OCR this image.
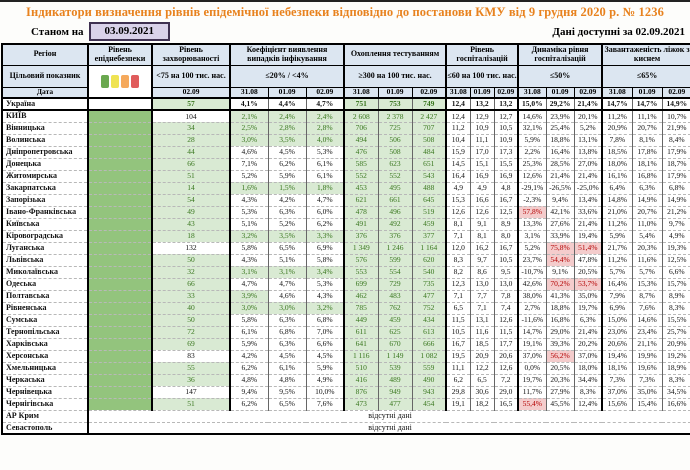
Індикатори визначення рівнів епідемічної небезпеки відповідно до постанови КМУ від 9 грудня 2020 р. № 1236
Станом на	03.09.2021	Дані доступні за 02.09.2021
Регіон	Рівень епіднебезпеки	Рівень захворюваності	Коефіцієнт виявлення випадків інфікування			Охоплення тестуванням			Рівень госпіталізацій			Динаміка рівня госпіталізацій			Завантаженість ліжок з киснем		
Цільовий показник		<75 на 100 тис. нас.	≤20% / <4%			≥300 на 100 тис. нас.			≤60 на 100 тис. нас.			≤50%			≤65%		
Дата		02.09	31.08	01.09	02.09	31.08	01.09	02.09	31.08	01.09	02.09	31.08	01.09	02.09	31.08	01.09	02.09
Україна		57	4,1%	4,4%	4,7%	751	753	749	12,4	13,2	13,2	15,0%	29,2%	21,4%	14,7%	14,7%	14,9%
КИЇВ		104	2,1%	2,4%	2,4%	2 608	2 378	2 427	12,4	12,9	12,7	14,6%	23,9%	20,1%	11,2%	11,1%	10,7%
Вінницька		34	2,5%	2,8%	2,8%	706	725	707	11,2	10,9	10,5	32,1%	25,4%	5,2%	20,9%	20,7%	21,9%
Волинська		28	3,0%	3,5%	4,0%	494	506	508	10,4	11,1	10,9	5,9%	18,8%	13,1%	7,8%	8,1%	8,4%
Дніпропетровська		44	4,6%	4,5%	5,3%	476	508	484	15,9	17,0	17,3	2,2%	16,4%	13,8%	18,5%	17,8%	17,9%
Донецька		66	7,1%	6,2%	6,1%	585	623	651	14,5	15,1	15,5	25,3%	28,5%	27,0%	18,0%	18,1%	18,7%
Житомирська		51	5,2%	5,9%	6,1%	552	552	543	16,4	16,9	16,9	12,6%	21,4%	21,4%	16,1%	16,8%	17,9%
Закарпатська		14	1,6%	1,5%	1,8%	453	495	488	4,9	4,9	4,8	-29,1%	-26,5%	-25,0%	6,4%	6,3%	6,8%
Запорізька		54	4,3%	4,2%	4,7%	621	661	645	15,3	16,6	16,7	-2,3%	9,4%	13,4%	14,8%	14,9%	14,9%
Івано-Франківська		49	5,3%	6,3%	6,0%	478	496	519	12,6	12,6	12,5	57,8%	42,1%	33,6%	21,0%	20,7%	21,2%
Київська		43	5,1%	5,2%	6,2%	491	492	459	8,1	9,1	8,9	13,3%	27,6%	21,4%	11,2%	11,0%	9,7%
Кіровоградська		18	3,2%	3,5%	3,3%	376	376	377	7,1	8,1	8,0	3,1%	33,9%	19,4%	5,9%	5,4%	4,9%
Луганська		132	5,8%	6,5%	6,9%	1 349	1 246	1 164	12,0	16,2	16,7	5,2%	75,8%	51,4%	21,7%	20,3%	19,3%
Львівська		50	4,3%	5,1%	5,8%	576	599	620	8,3	9,7	10,5	23,7%	54,4%	47,8%	11,2%	11,6%	12,5%
Миколаївська		32	3,1%	3,1%	3,4%	553	554	540	8,2	8,6	9,5	-10,7%	9,1%	20,5%	5,7%	5,7%	6,6%
Одеська		66	4,7%	4,7%	5,3%	699	729	735	12,3	13,0	13,0	42,6%	70,2%	53,7%	16,4%	15,3%	15,7%
Полтавська		33	3,9%	4,6%	4,3%	462	483	477	7,1	7,7	7,8	38,0%	41,3%	35,0%	7,9%	8,7%	8,9%
Рівненська		40	3,0%	3,0%	3,2%	785	762	752	6,5	7,1	7,4	2,7%	18,8%	19,7%	6,9%	7,6%	8,3%
Сумська		50	5,8%	6,3%	6,8%	449	459	434	11,5	13,1	12,6	-11,6%	16,8%	6,3%	15,0%	14,6%	15,5%
Тернопільська		72	6,1%	6,8%	7,0%	611	625	613	10,5	11,6	11,5	14,7%	29,0%	21,4%	23,0%	23,4%	25,7%
Харківська		69	5,9%	6,3%	6,6%	641	670	666	16,7	18,5	17,7	19,1%	39,3%	20,2%	20,6%	21,1%	20,9%
Херсонська		83	4,2%	4,5%	4,5%	1 116	1 149	1 082	19,5	20,9	20,6	37,0%	56,2%	37,0%	19,4%	19,9%	19,2%
Хмельницька		55	6,2%	6,1%	5,9%	510	539	559	11,1	12,2	12,6	0,0%	20,5%	18,0%	18,1%	19,6%	18,9%
Черкаська		36	4,8%	4,8%	4,9%	416	489	490	6,2	6,5	7,2	19,7%	20,3%	34,4%	7,3%	7,3%	8,3%
Чернівецька		147	9,4%	9,5%	10,0%	876	949	943	29,8	30,6	29,0	11,7%	27,9%	8,3%	37,0%	35,0%	34,5%
Чернігівська		51	6,2%	6,5%	7,6%	473	477	454	19,1	18,2	16,5	55,4%	45,5%	12,4%	15,6%	15,4%	16,6%
АР Крим	відсутні дані																
Севастополь	відсутні дані																
